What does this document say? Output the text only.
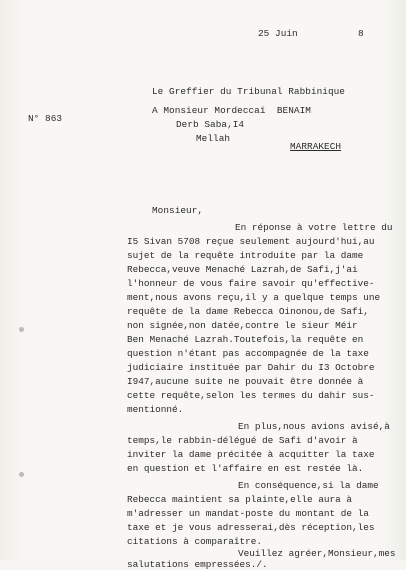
25 Juin	8
Le Greffier du Tribunal Rabbinique
N° 863
A Monsieur Mordeccaï  BENAIM
Derb Saba,I4
Mellah
MARRAKECH
Monsieur,
En réponse à votre lettre du
I5 Sivan 5708 reçue seulement aujourd'hui,au
sujet de la requête introduite par la dame
Rebecca,veuve Menaché Lazrah,de Safi,j'ai
l'honneur de vous faire savoir qu'effective-
ment,nous avons reçu,il y a quelque temps une
requête de la dame Rebecca Oinonou,de Safi,
non signée,non datée,contre le sieur Méir
Ben Menaché Lazrah.Toutefois,la requête en
question n'étant pas accompagnée de la taxe
judiciaire instituée par Dahir du I3 Octobre
I947,aucune suite ne pouvait être donnée à
cette requête,selon les termes du dahir sus-
mentionné.
En plus,nous avions avisé,à
temps,le rabbin-délégué de Safi d'avoir à
inviter la dame précitée à acquitter la taxe
en question et l'affaire en est restée là.
En conséquence,si la dame
Rebecca maintient sa plainte,elle aura à
m'adresser un mandat-poste du montant de la
taxe et je vous adresserai,dès réception,les
citations à comparaître.
Veuillez agréer,Monsieur,mes
salutations empressées./.
